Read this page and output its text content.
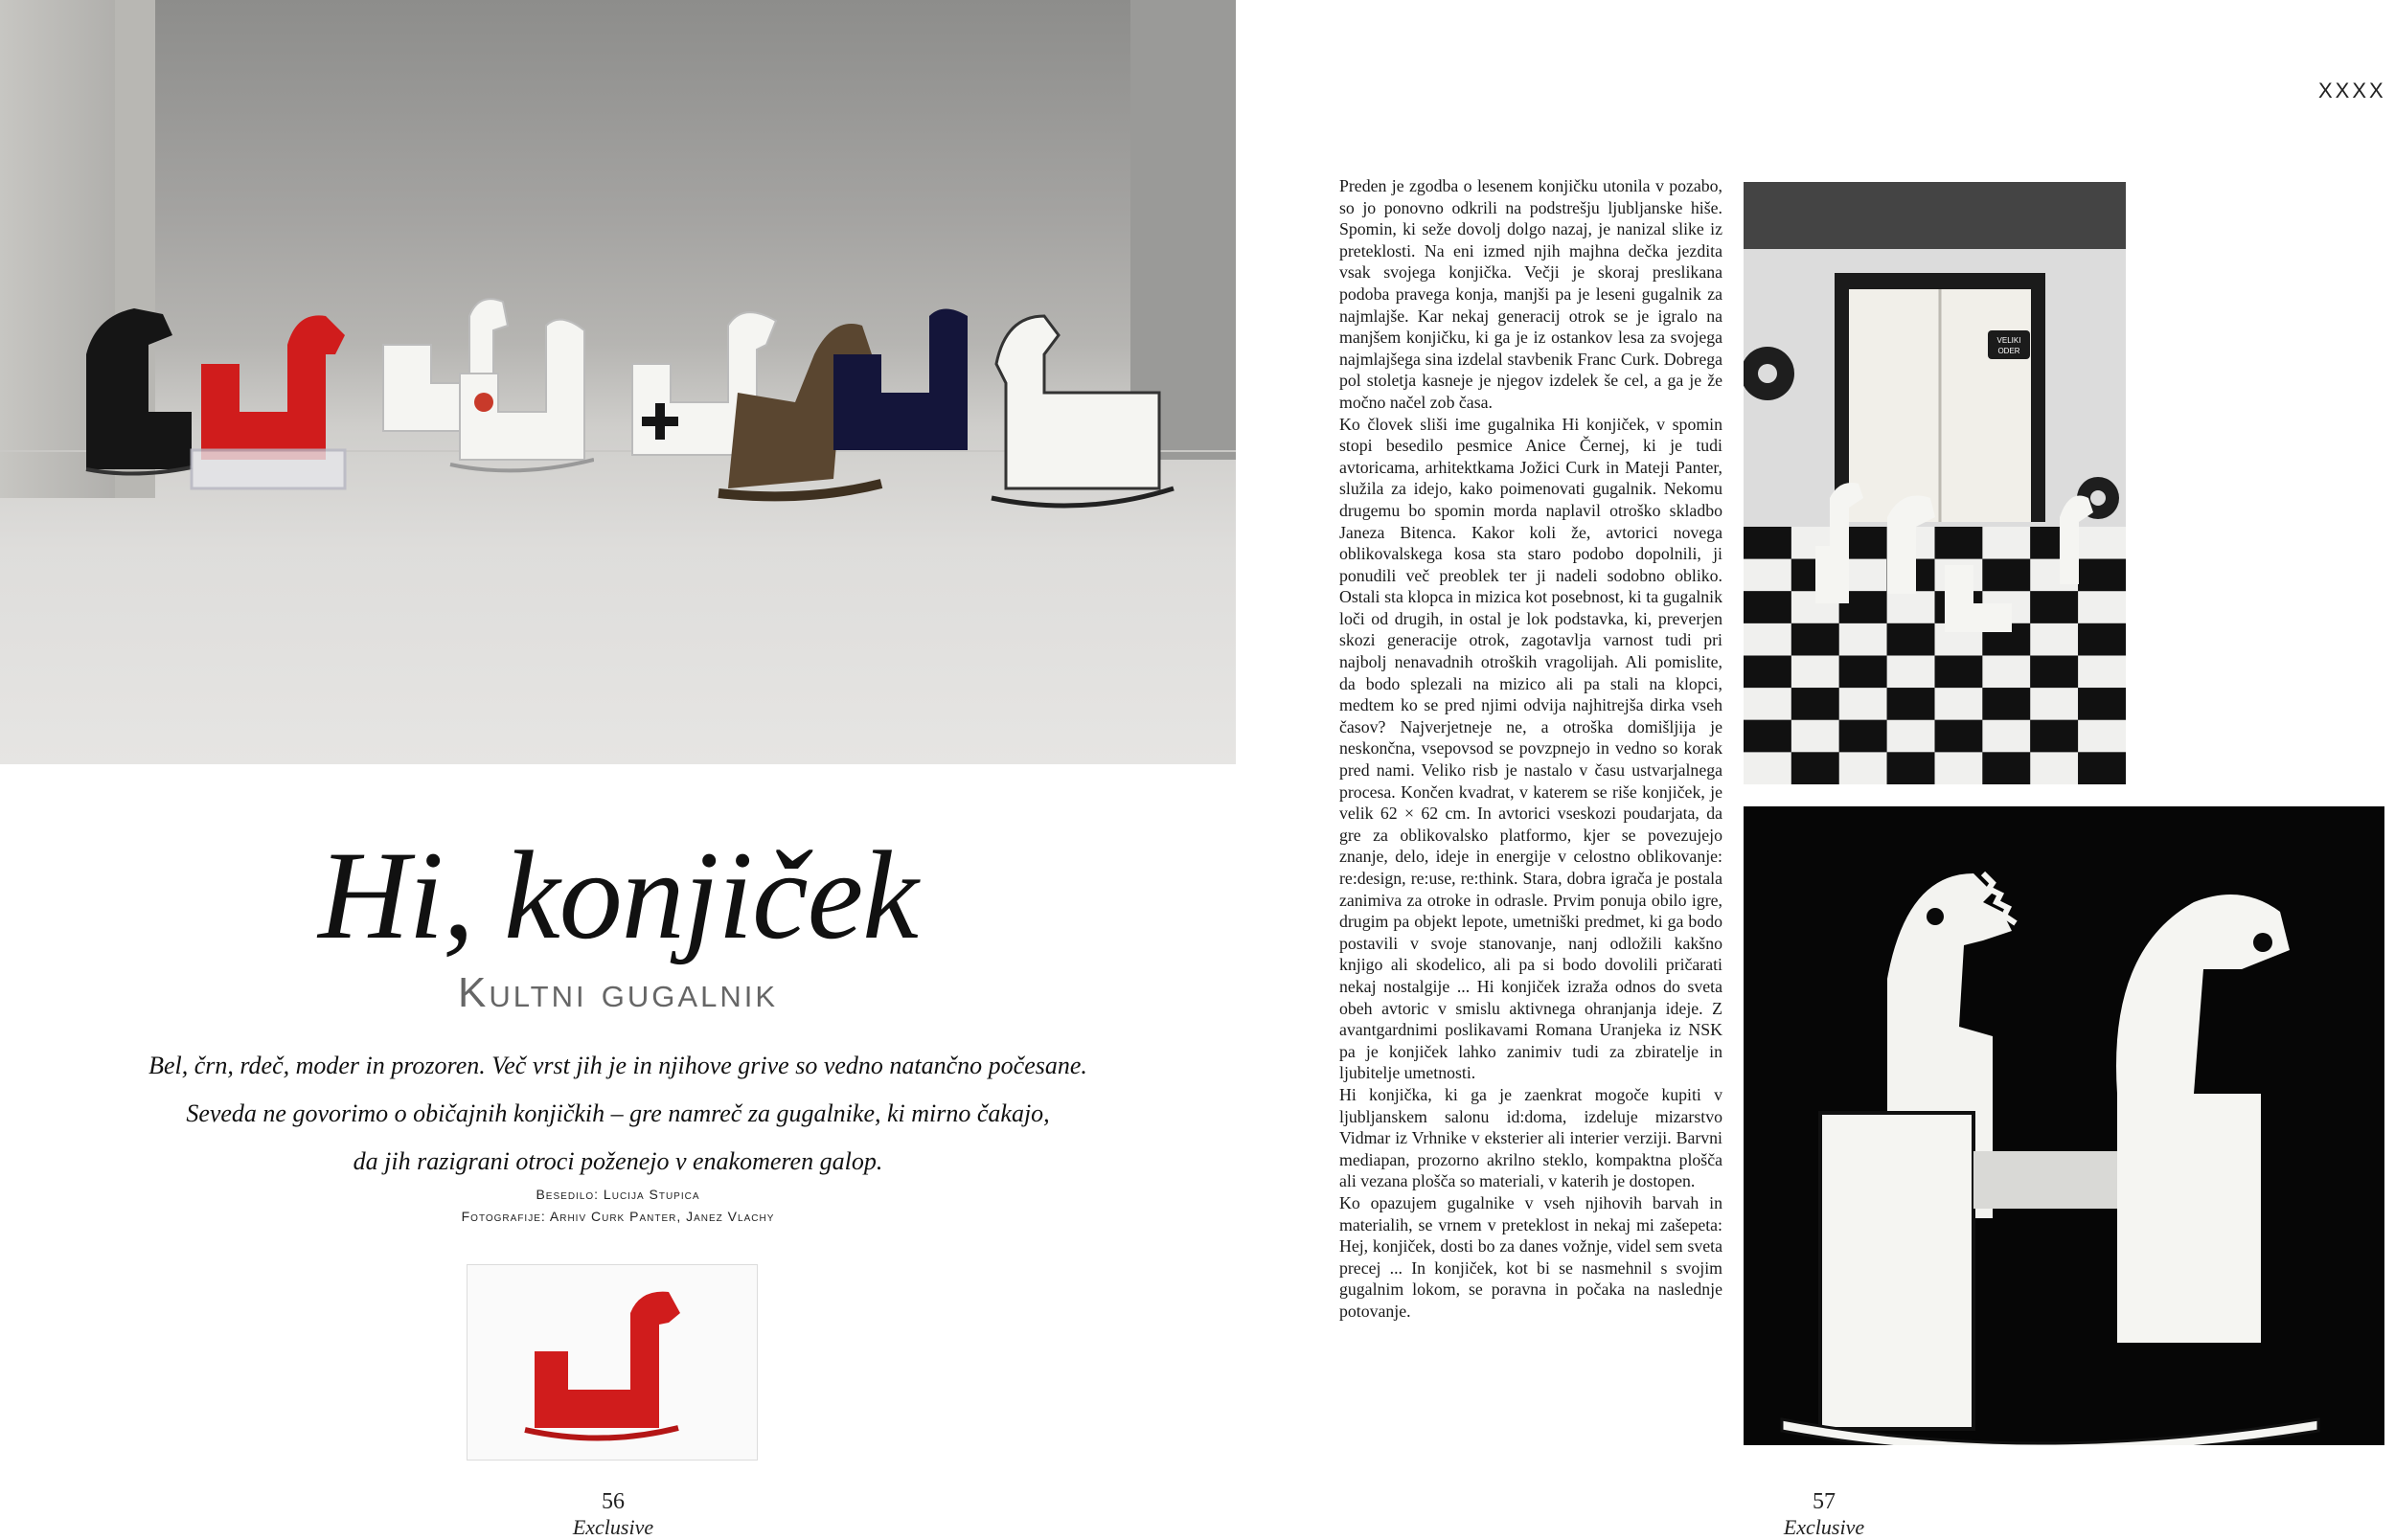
Hi, konjiček
Kultni gugalnik
Bel, črn, rdeč, moder in prozoren. Več vrst jih je in njihove grive so vedno natančno počesane.
Seveda ne govorimo o običajnih konjičkih – gre namreč za gugalnike, ki mirno čakajo,
da jih razigrani otroci poženejo v enakomeren galop.
Besedilo: Lucija Stupica
Fotografije: Arhiv Curk Panter, Janez Vlachy
56
Exclusive
XXXX

Preden je zgodba o lesenem konjičku utonila v pozabo, so jo ponovno odkrili na podstrešju ljubljanske hiše. Spomin, ki seže dovolj dolgo nazaj, je nanizal slike iz preteklosti. Na eni izmed njih majhna dečka jezdita vsak svojega konjička. Večji je skoraj preslikana podoba pravega konja, manjši pa je leseni gugalnik za najmlajše. Kar nekaj generacij otrok se je igralo na manjšem konjičku, ki ga je iz ostankov lesa za svojega najmlajšega sina izdelal stavbenik Franc Curk. Dobrega pol stoletja kasneje je njegov izdelek še cel, a ga je že močno načel zob časa.

Ko človek sliši ime gugalnika Hi konjiček, v spomin stopi besedilo pesmice Anice Černej, ki je tudi avtoricama, arhitektkama Jožici Curk in Mateji Panter, služila za idejo, kako poimenovati gugalnik. Nekomu drugemu bo spomin morda naplavil otroško skladbo Janeza Bitenca. Kakor koli že, avtorici novega oblikovalskega kosa sta staro podobo dopolnili, ji ponudili več preoblek ter ji nadeli sodobno obliko. Ostali sta klopca in mizica kot posebnost, ki ta gugalnik loči od drugih, in ostal je lok podstavka, ki, preverjen skozi generacije otrok, zagotavlja varnost tudi pri najbolj nenavadnih otroških vragolijah. Ali pomislite, da bodo splezali na mizico ali pa stali na klopci, medtem ko se pred njimi odvija najhitrejša dirka vseh časov? Najverjetneje ne, a otroška domišljija je neskončna, vsepovsod se povzpnejo in vedno so korak pred nami. Veliko risb je nastalo v času ustvarjalnega procesa. Končen kvadrat, v katerem se riše konjiček, je velik 62 × 62 cm. In avtorici vseskozi poudarjata, da gre za oblikovalsko platformo, kjer se povezujejo znanje, delo, ideje in energije v celostno oblikovanje: re:design, re:use, re:think. Stara, dobra igrača je postala zanimiva za otroke in odrasle. Prvim ponuja obilo igre, drugim pa objekt lepote, umetniški predmet, ki ga bodo postavili v svoje stanovanje, nanj odložili kakšno knjigo ali skodelico, ali pa si bodo dovolili pričarati nekaj nostalgije ... Hi konjiček izraža odnos do sveta obeh avtoric v smislu aktivnega ohranjanja ideje. Z avantgardnimi poslikavami Romana Uranjeka iz NSK pa je konjiček lahko zanimiv tudi za zbiratelje in ljubitelje umetnosti.

Hi konjička, ki ga je zaenkrat mogoče kupiti v ljubljanskem salonu id:doma, izdeluje mizarstvo Vidmar iz Vrhnike v eksterier ali interier verziji. Barvni mediapan, prozorno akrilno steklo, kompaktna plošča ali vezana plošča so materiali, v katerih je dostopen.

Ko opazujem gugalnike v vseh njihovih barvah in materialih, se vrnem v preteklost in nekaj mi zašepeta: Hej, konjiček, dosti bo za danes vožnje, videl sem sveta precej ... In konjiček, kot bi se nasmehnil s svojim gugalnim lokom, se poravna in počaka na naslednje potovanje.

VELIKI
ODER
57
Exclusive
